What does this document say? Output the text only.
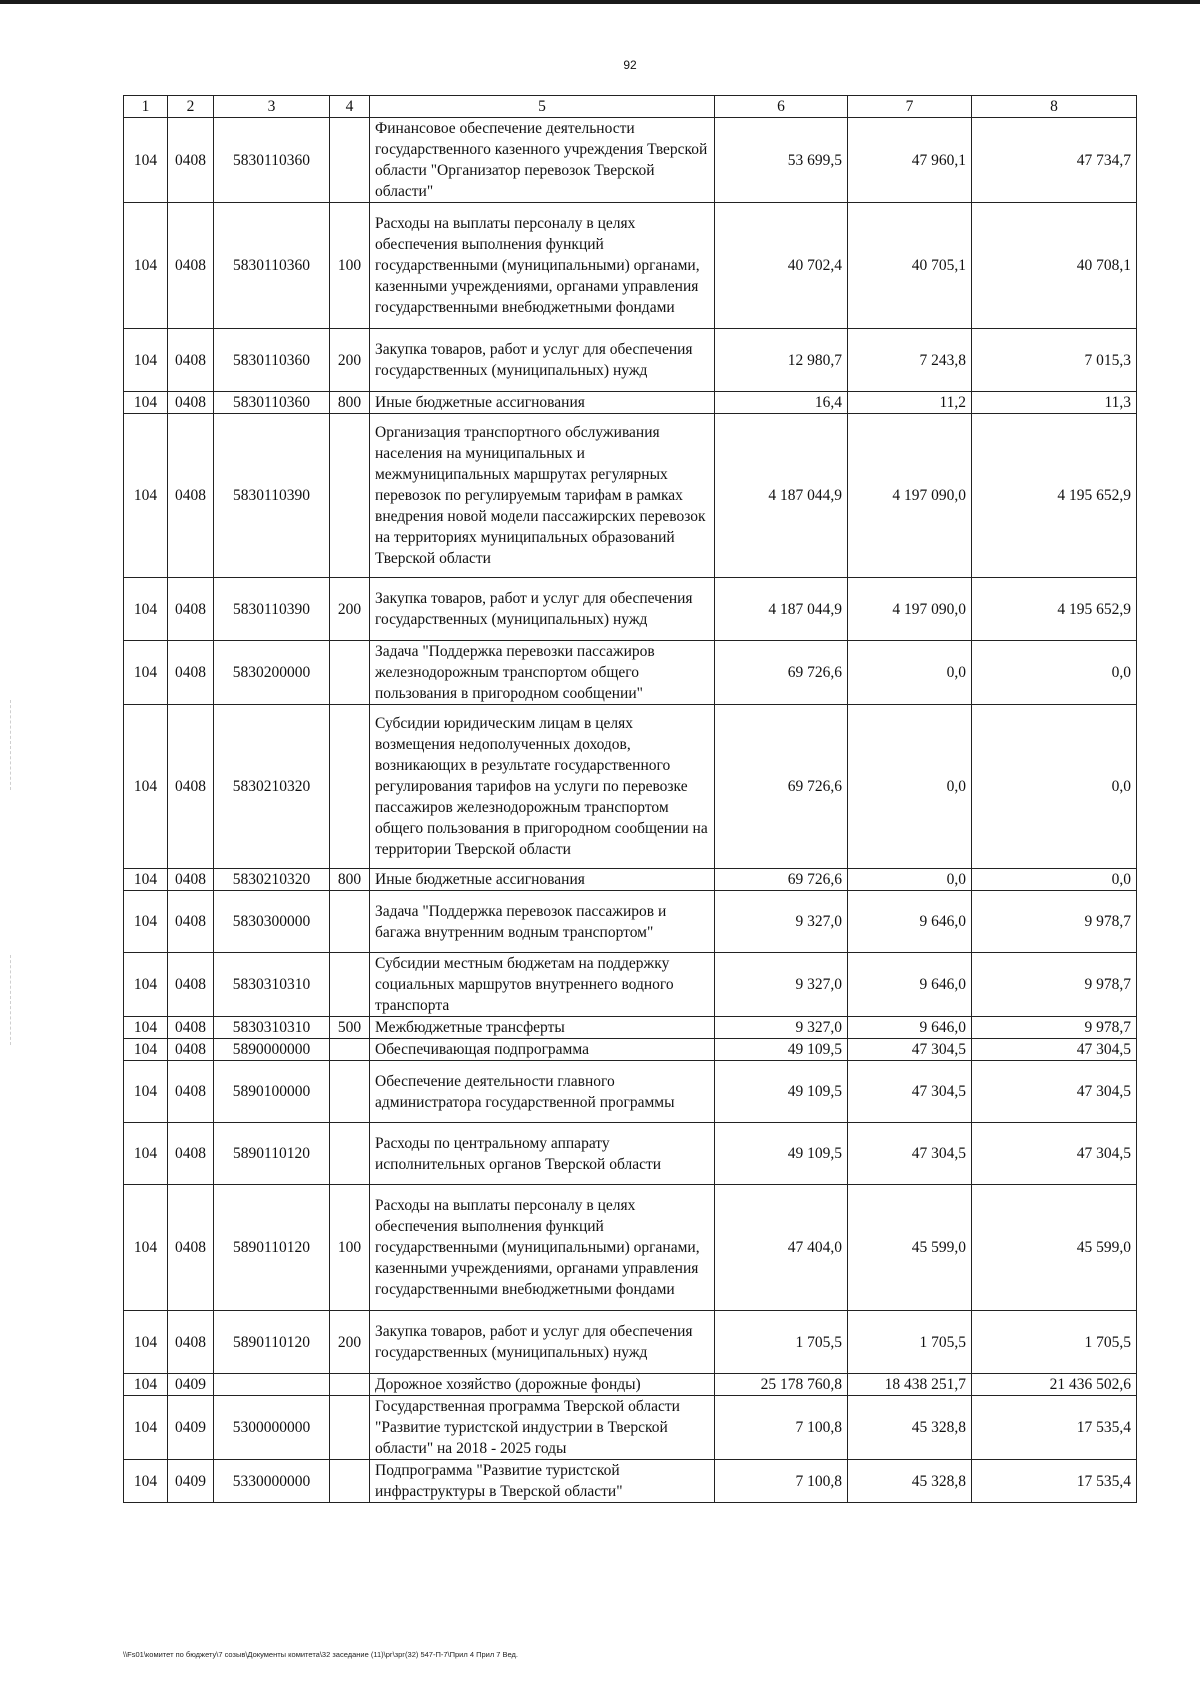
92
1	2	3	4	5	6	7	8
104	0408	5830110360		Финансовое обеспечение деятельности государственного казенного учреждения Тверской области "Организатор перевозок Тверской области"	53 699,5	47 960,1	47 734,7
104	0408	5830110360	100	Расходы на выплаты персоналу в целях обеспечения выполнения функций государственными (муниципальными) органами, казенными учреждениями, органами управления государственными внебюджетными фондами	40 702,4	40 705,1	40 708,1
104	0408	5830110360	200	Закупка товаров, работ и услуг для обеспечения государственных (муниципальных) нужд	12 980,7	7 243,8	7 015,3
104	0408	5830110360	800	Иные бюджетные ассигнования	16,4	11,2	11,3
104	0408	5830110390		Организация транспортного обслуживания населения на муниципальных и межмуниципальных маршрутах регулярных перевозок по регулируемым тарифам в рамках внедрения новой модели пассажирских перевозок на территориях муниципальных образований Тверской области	4 187 044,9	4 197 090,0	4 195 652,9
104	0408	5830110390	200	Закупка товаров, работ и услуг для обеспечения государственных (муниципальных) нужд	4 187 044,9	4 197 090,0	4 195 652,9
104	0408	5830200000		Задача "Поддержка перевозки пассажиров железнодорожным транспортом общего пользования в пригородном сообщении"	69 726,6	0,0	0,0
104	0408	5830210320		Субсидии юридическим лицам в целях возмещения недополученных доходов, возникающих в результате государственного регулирования тарифов на услуги по перевозке пассажиров железнодорожным транспортом общего пользования в пригородном сообщении на территории Тверской области	69 726,6	0,0	0,0
104	0408	5830210320	800	Иные бюджетные ассигнования	69 726,6	0,0	0,0
104	0408	5830300000		Задача "Поддержка перевозок пассажиров и багажа внутренним водным транспортом"	9 327,0	9 646,0	9 978,7
104	0408	5830310310		Субсидии местным бюджетам на поддержку социальных маршрутов внутреннего водного транспорта	9 327,0	9 646,0	9 978,7
104	0408	5830310310	500	Межбюджетные трансферты	9 327,0	9 646,0	9 978,7
104	0408	5890000000		Обеспечивающая подпрограмма	49 109,5	47 304,5	47 304,5
104	0408	5890100000		Обеспечение деятельности главного администратора государственной программы	49 109,5	47 304,5	47 304,5
104	0408	5890110120		Расходы по центральному аппарату исполнительных органов Тверской области	49 109,5	47 304,5	47 304,5
104	0408	5890110120	100	Расходы на выплаты персоналу в целях обеспечения выполнения функций государственными (муниципальными) органами, казенными учреждениями, органами управления государственными внебюджетными фондами	47 404,0	45 599,0	45 599,0
104	0408	5890110120	200	Закупка товаров, работ и услуг для обеспечения государственных (муниципальных) нужд	1 705,5	1 705,5	1 705,5
104	0409			Дорожное хозяйство (дорожные фонды)	25 178 760,8	18 438 251,7	21 436 502,6
104	0409	5300000000		Государственная программа Тверской области "Развитие туристской индустрии в Тверской области" на 2018 - 2025 годы	7 100,8	45 328,8	17 535,4
104	0409	5330000000		Подпрограмма "Развитие туристской инфраструктуры в Тверской области"	7 100,8	45 328,8	17 535,4
\\Fs01\комитет по бюджету\7 созыв\Документы комитета\32 заседание (11)\рг\зрг(32) 547-П-7\Прил 4 Прил 7 Вед.
